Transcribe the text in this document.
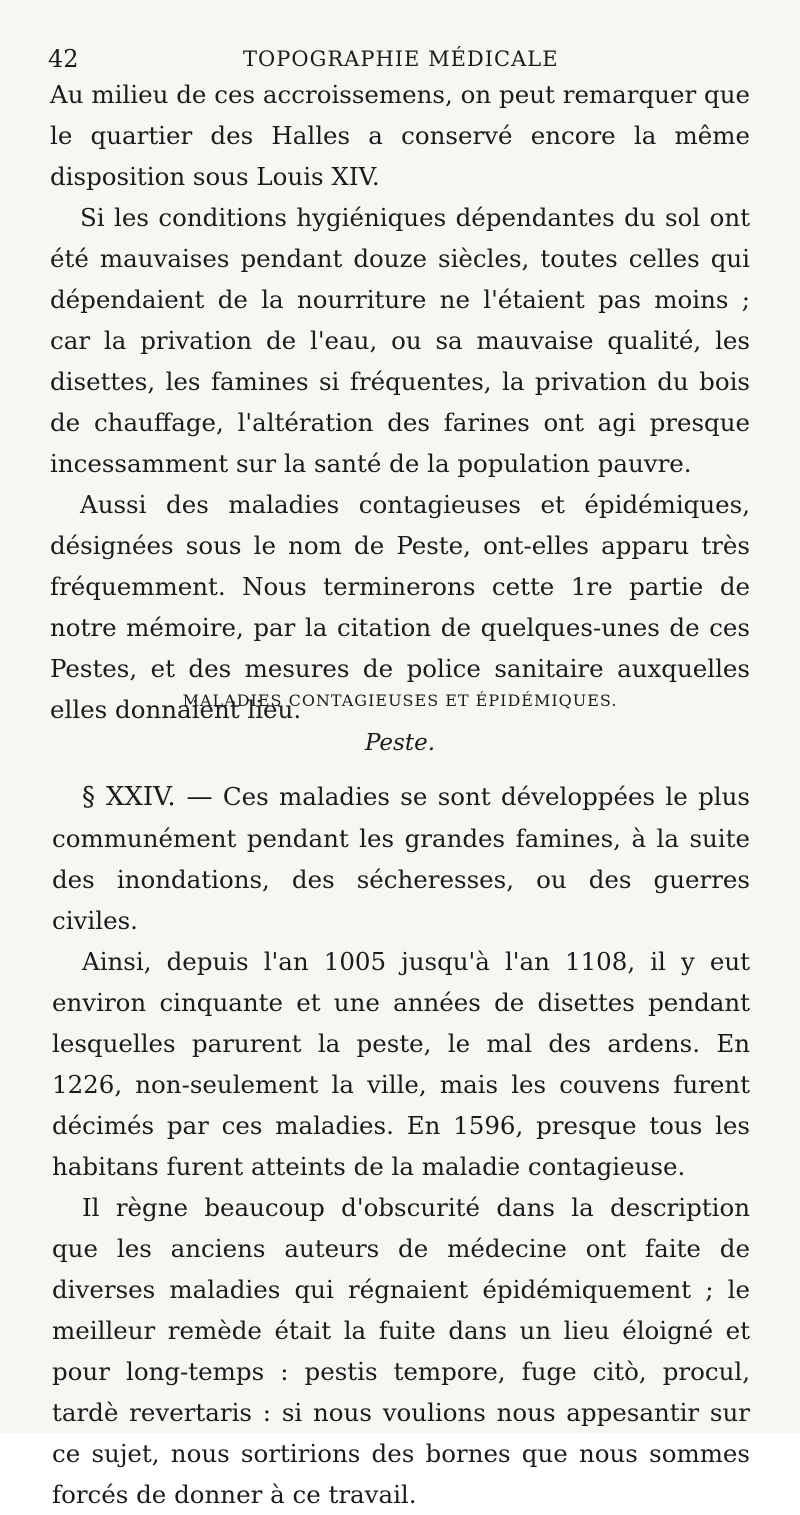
42	TOPOGRAPHIE MÉDICALE

Au milieu de ces accroissemens, on peut remarquer que le quartier des Halles a conservé encore la même disposition sous Louis XIV.

Si les conditions hygiéniques dépendantes du sol ont été mauvaises pendant douze siècles, toutes celles qui dépendaient de la nourriture ne l'étaient pas moins ; car la privation de l'eau, ou sa mauvaise qualité, les disettes, les famines si fréquentes, la privation du bois de chauffage, l'altération des farines ont agi presque incessamment sur la santé de la population pauvre.

Aussi des maladies contagieuses et épidémiques, désignées sous le nom de Peste, ont-elles apparu très fréquemment. Nous terminerons cette 1re partie de notre mémoire, par la citation de quelques-unes de ces Pestes, et des mesures de police sanitaire auxquelles elles donnaient lieu.

MALADIES CONTAGIEUSES ET ÉPIDÉMIQUES.
Peste.

§ XXIV. — Ces maladies se sont développées le plus communément pendant les grandes famines, à la suite des inondations, des sécheresses, ou des guerres civiles.

Ainsi, depuis l'an 1005 jusqu'à l'an 1108, il y eut environ cinquante et une années de disettes pendant lesquelles parurent la peste, le mal des ardens. En 1226, non-seulement la ville, mais les couvens furent décimés par ces maladies. En 1596, presque tous les habitans furent atteints de la maladie contagieuse.

Il règne beaucoup d'obscurité dans la description que les anciens auteurs de médecine ont faite de diverses maladies qui régnaient épidémiquement ; le meilleur remède était la fuite dans un lieu éloigné et pour long-temps : pestis tempore, fuge citò, procul, tardè revertaris : si nous voulions nous appesantir sur ce sujet, nous sortirions des bornes que nous sommes forcés de donner à ce travail.
